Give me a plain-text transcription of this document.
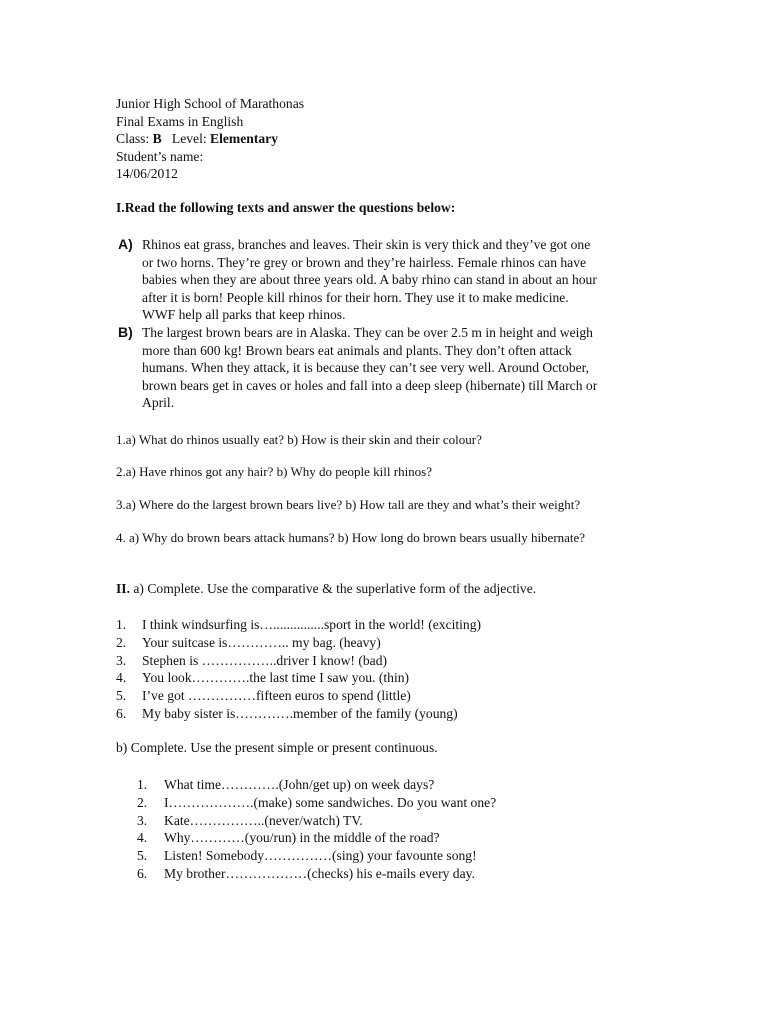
Junior High School of Marathonas
Final Exams in English
Class: B Level: Elementary
Student’s name:
14/06/2012
I.Read the following texts and answer the questions below:
A) Rhinos eat grass, branches and leaves. Their skin is very thick and they’ve got one
or two horns. They’re grey or brown and they’re hairless. Female rhinos can have
babies when they are about three years old. A baby rhino can stand in about an hour
after it is born! People kill rhinos for their horn. They use it to make medicine.
WWF help all parks that keep rhinos.
B) The largest brown bears are in Alaska. They can be over 2.5 m in height and weigh
more than 600 kg! Brown bears eat animals and plants. They don’t often attack
humans. When they attack, it is because they can’t see very well. Around October,
brown bears get in caves or holes and fall into a deep sleep (hibernate) till March or
April.
1.a) What do rhinos usually eat? b) How is their skin and their colour?
2.a) Have rhinos got any hair? b) Why do people kill rhinos?
3.a) Where do the largest brown bears live? b) How tall are they and what’s their weight?
4. a) Why do brown bears attack humans? b) How long do brown bears usually hibernate?
II. a) Complete. Use the comparative & the superlative form of the adjective.
1. I think windsurfing is…...............sport in the world! (exciting)
2. Your suitcase is………….. my bag. (heavy)
3. Stephen is ……………..driver I know! (bad)
4. You look………….the last time I saw you. (thin)
5. I’ve got ……………fifteen euros to spend (little)
6. My baby sister is………….member of the family (young)
b) Complete. Use the present simple or present continuous.
1. What time………….(John/get up) on week days?
2. I……………….(make) some sandwiches. Do you want one?
3. Kate……………..(never/watch) TV.
4. Why…………(you/run) in the middle of the road?
5. Listen! Somebody……………(sing) your favounte song!
6. My brother………………(checks) his e-mails every day.
